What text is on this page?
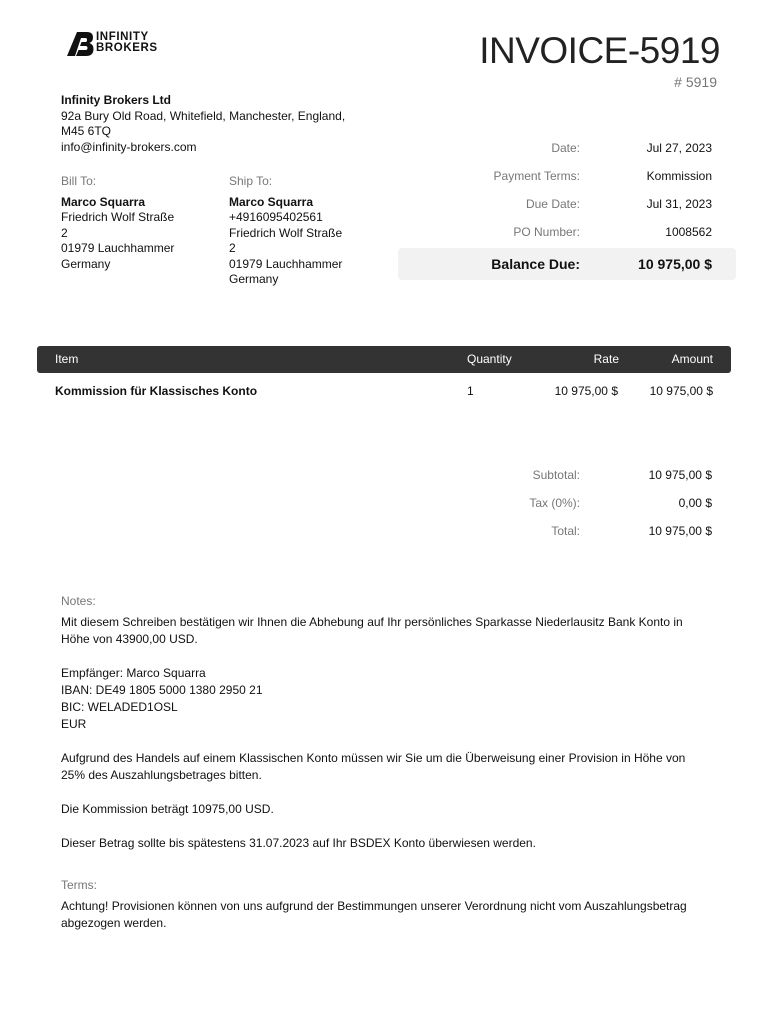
INFINITY
BROKERS	INVOICE-5919
# 5919
Infinity Brokers Ltd
92a Bury Old Road, Whitefield, Manchester, England,
M45 6TQ
info@infinity-brokers.com
Bill To:
Marco Squarra
Friedrich Wolf Straße
2
01979 Lauchhammer
Germany
Ship To:
Marco Squarra
+4916095402561
Friedrich Wolf Straße
2
01979 Lauchhammer
Germany
Date:	Jul 27, 2023
Payment Terms:	Kommission
Due Date:	Jul 31, 2023
PO Number:	1008562
Balance Due:	10 975,00 $
Item	Quantity	Rate	Amount
Kommission für Klassisches Konto	1	10 975,00 $	10 975,00 $
Subtotal:	10 975,00 $
Tax (0%):	0,00 $
Total:	10 975,00 $
Notes:
Mit diesem Schreiben bestätigen wir Ihnen die Abhebung auf Ihr persönliches Sparkasse Niederlausitz Bank Konto in
Höhe von 43900,00 USD.
Empfänger: Marco Squarra
IBAN: DE49 1805 5000 1380 2950 21
BIC: WELADED1OSL
EUR
Aufgrund des Handels auf einem Klassischen Konto müssen wir Sie um die Überweisung einer Provision in Höhe von
25% des Auszahlungsbetrages bitten.
Die Kommission beträgt 10975,00 USD.
Dieser Betrag sollte bis spätestens 31.07.2023 auf Ihr BSDEX Konto überwiesen werden.
Terms:
Achtung! Provisionen können von uns aufgrund der Bestimmungen unserer Verordnung nicht vom Auszahlungsbetrag
abgezogen werden.
